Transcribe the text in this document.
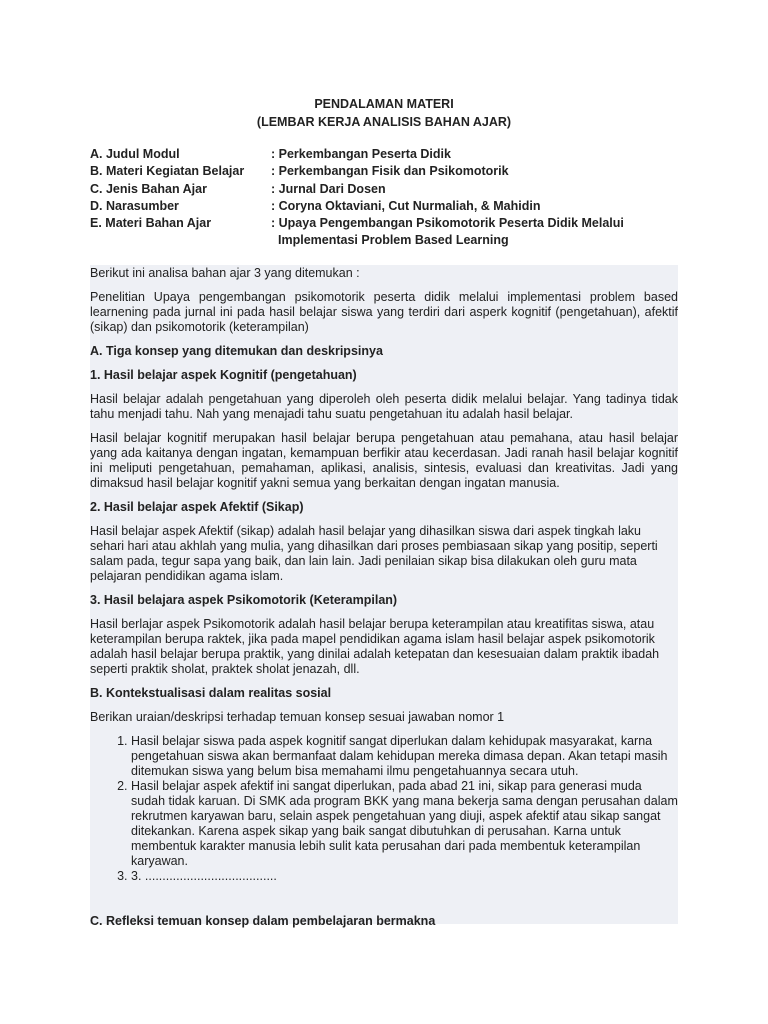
PENDALAMAN MATERI
(LEMBAR KERJA ANALISIS BAHAN AJAR)
A. Judul Modul	: Perkembangan Peserta Didik
B. Materi Kegiatan Belajar	: Perkembangan Fisik dan Psikomotorik
C. Jenis Bahan Ajar	: Jurnal Dari Dosen
D. Narasumber	: Coryna Oktaviani, Cut Nurmaliah, & Mahidin
E. Materi Bahan Ajar	: Upaya Pengembangan Psikomotorik Peserta Didik Melalui
Implementasi Problem Based Learning

Berikut ini analisa bahan ajar 3 yang ditemukan :

Penelitian Upaya pengembangan psikomotorik peserta didik melalui implementasi problem based learnening pada jurnal ini pada hasil belajar siswa yang terdiri dari asperk kognitif (pengetahuan), afektif (sikap) dan psikomotorik (keterampilan)

A. Tiga konsep yang ditemukan dan deskripsinya
1. Hasil belajar aspek Kognitif (pengetahuan)

Hasil belajar adalah pengetahuan yang diperoleh oleh peserta didik melalui belajar. Yang tadinya tidak tahu menjadi tahu. Nah yang menajadi tahu suatu pengetahuan itu adalah hasil belajar.

Hasil belajar kognitif merupakan hasil belajar berupa pengetahuan atau pemahana, atau hasil belajar yang ada kaitanya dengan ingatan, kemampuan berfikir atau kecerdasan. Jadi ranah hasil belajar kognitif ini meliputi pengetahuan, pemahaman, aplikasi, analisis, sintesis, evaluasi dan kreativitas. Jadi yang dimaksud hasil belajar kognitif yakni semua yang berkaitan dengan ingatan manusia.

2. Hasil belajar aspek Afektif (Sikap)

Hasil belajar aspek Afektif (sikap) adalah hasil belajar yang dihasilkan siswa dari aspek tingkah laku sehari hari atau akhlah yang mulia, yang dihasilkan dari proses pembiasaan sikap yang positip, seperti salam pada, tegur sapa yang baik, dan lain lain. Jadi penilaian sikap bisa dilakukan oleh guru mata pelajaran pendidikan agama islam.

3. Hasil belajara aspek Psikomotorik (Keterampilan)

Hasil berlajar aspek Psikomotorik adalah hasil belajar berupa keterampilan atau kreatifitas siswa, atau keterampilan berupa raktek, jika pada mapel pendidikan agama islam hasil belajar aspek psikomotorik adalah hasil belajar berupa praktik, yang dinilai adalah ketepatan dan kesesuaian dalam praktik ibadah seperti praktik sholat, praktek sholat jenazah, dll.

B. Kontekstualisasi dalam realitas sosial

Berikan uraian/deskripsi terhadap temuan konsep sesuai jawaban nomor 1

1. Hasil belajar siswa pada aspek kognitif sangat diperlukan dalam kehidupak masyarakat, karna pengetahuan siswa akan bermanfaat dalam kehidupan mereka dimasa depan. Akan tetapi masih ditemukan siswa yang belum bisa memahami ilmu pengetahuannya secara utuh.
2. Hasil belajar aspek afektif ini sangat diperlukan, pada abad 21 ini, sikap para generasi muda sudah tidak karuan. Di SMK ada program BKK yang mana bekerja sama dengan perusahan dalam rekrutmen karyawan baru, selain aspek pengetahuan yang diuji, aspek afektif atau sikap sangat ditekankan. Karena aspek sikap yang baik sangat dibutuhkan di perusahan. Karna untuk membentuk karakter manusia lebih sulit kata perusahan dari pada membentuk keterampilan karyawan.
3. 3. ......................................
C. Refleksi temuan konsep dalam pembelajaran bermakna
